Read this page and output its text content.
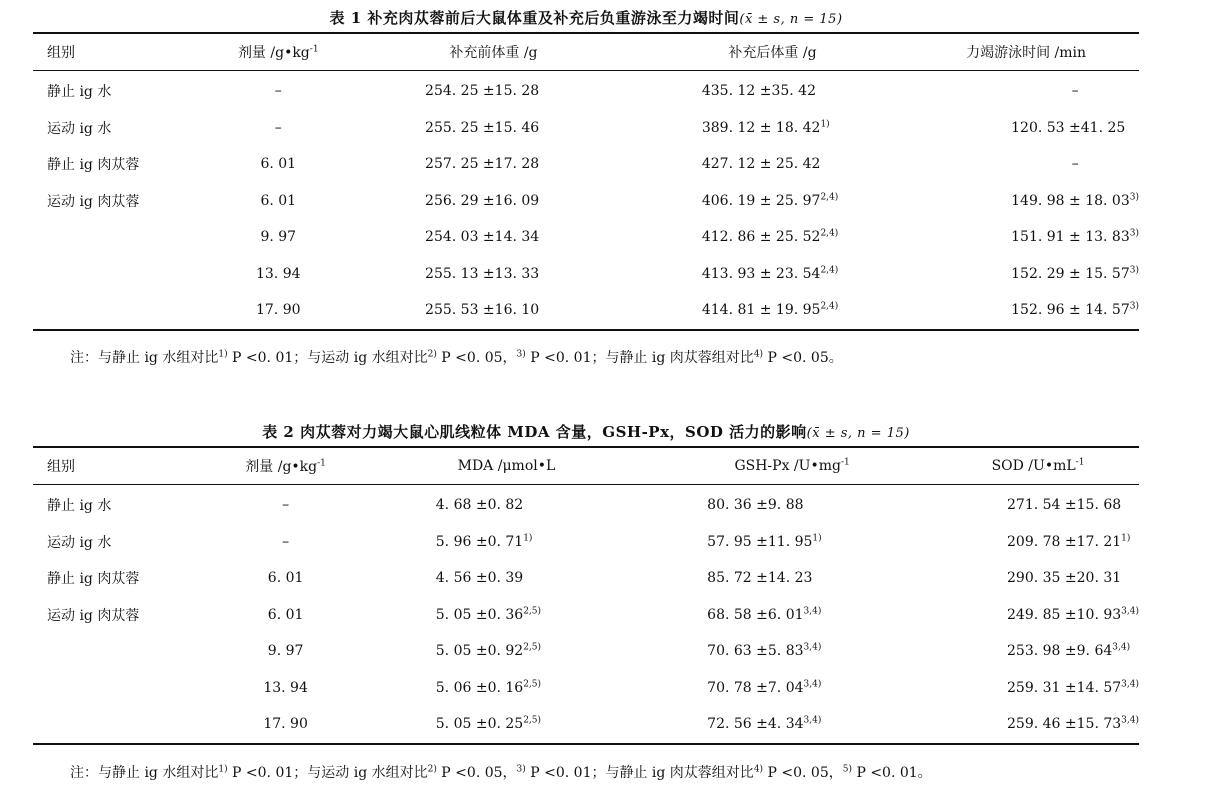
表 1 补充肉苁蓉前后大鼠体重及补充后负重游泳至力竭时间(x̄ ± s, n = 15)
组别	剂量 $/g•kg^{-1}$	补充前体重 /g	补充后体重 /g	力竭游泳时间 /min
静止 ig 水	–	254. 25 ±15. 28	435. 12 ±35. 42	–
运动 ig 水	–	255. 25 ±15. 46	389. 12 ± 18. 42$^{1)}$	120. 53 ±41. 25
静止 ig 肉苁蓉	6. 01	257. 25 ±17. 28	427. 12 ± 25. 42	–
运动 ig 肉苁蓉	6. 01	256. 29 ±16. 09	406. 19 ± 25. 97$^{2,4)}$	149. 98 ± 18. 03$^{3)}$
	9. 97	254. 03 ±14. 34	412. 86 ± 25. 52$^{2,4)}$	151. 91 ± 13. 83$^{3)}$
	13. 94	255. 13 ±13. 33	413. 93 ± 23. 54$^{2,4)}$	152. 29 ± 15. 57$^{3)}$
	17. 90	255. 53 ±16. 10	414. 81 ± 19. 95$^{2,4)}$	152. 96 ± 14. 57$^{3)}$
注：与静止 ig 水组对比$^{1)}$ P <0. 01；与运动 ig 水组对比$^{2)}$ P <0. 05，$^{3)}$ P <0. 01；与静止 ig 肉苁蓉组对比$^{4)}$ P <0. 05。
表 2 肉苁蓉对力竭大鼠心肌线粒体 MDA 含量，GSH-Px，SOD 活力的影响(x̄ ± s, n = 15)
组别	剂量 $/g•kg^{-1}$	MDA /μmol•L	GSH-Px $/U•mg^{-1}$	SOD $/U•mL^{-1}$
静止 ig 水	–	4. 68 ±0. 82	80. 36 ±9. 88	271. 54 ±15. 68
运动 ig 水	–	5. 96 ±0. 71$^{1)}$	57. 95 ±11. 95$^{1)}$	209. 78 ±17. 21$^{1)}$
静止 ig 肉苁蓉	6. 01	4. 56 ±0. 39	85. 72 ±14. 23	290. 35 ±20. 31
运动 ig 肉苁蓉	6. 01	5. 05 ±0. 36$^{2,5)}$	68. 58 ±6. 01$^{3,4)}$	249. 85 ±10. 93$^{3,4)}$
	9. 97	5. 05 ±0. 92$^{2,5)}$	70. 63 ±5. 83$^{3,4)}$	253. 98 ±9. 64$^{3,4)}$
	13. 94	5. 06 ±0. 16$^{2,5)}$	70. 78 ±7. 04$^{3,4)}$	259. 31 ±14. 57$^{3,4)}$
	17. 90	5. 05 ±0. 25$^{2,5)}$	72. 56 ±4. 34$^{3,4)}$	259. 46 ±15. 73$^{3,4)}$
注：与静止 ig 水组对比$^{1)}$ P <0. 01；与运动 ig 水组对比$^{2)}$ P <0. 05，$^{3)}$ P <0. 01；与静止 ig 肉苁蓉组对比$^{4)}$ P <0. 05，$^{5)}$ P <0. 01。
